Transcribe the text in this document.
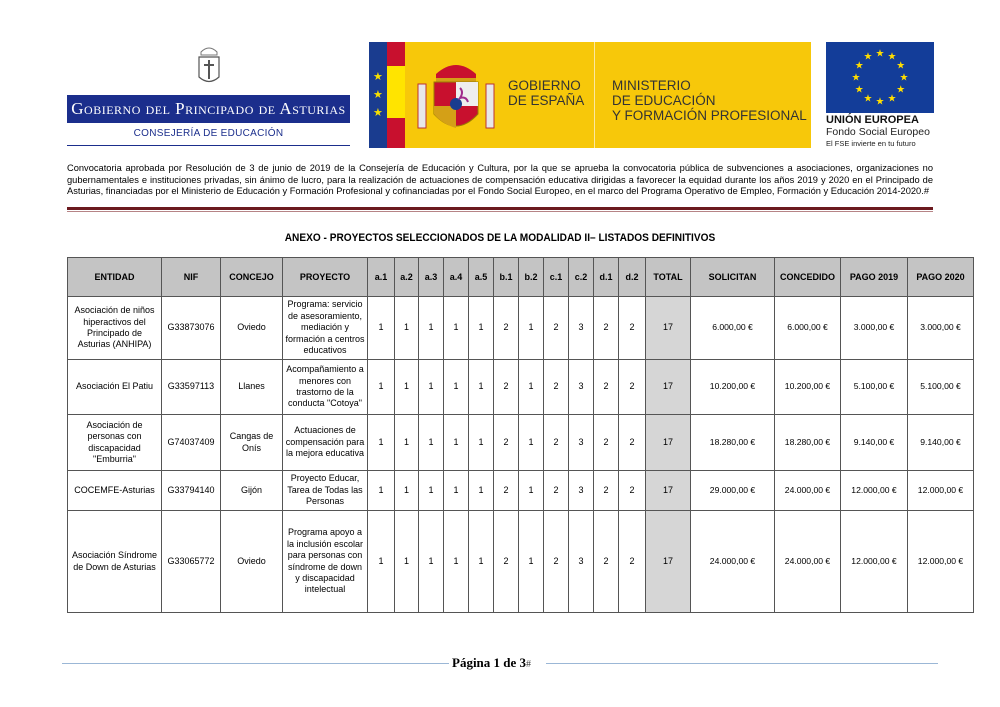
Gobierno del Principado de Asturias
CONSEJERÍA DE EDUCACIÓN
★
★
★
GOBIERNO
DE ESPAÑA
MINISTERIO
DE EDUCACIÓN
Y FORMACIÓN PROFESIONAL
★ ★
★
★
★
★
★
★
★
★
★
★
UNIÓN EUROPEA
Fondo Social Europeo
El FSE invierte en tu futuro
Convocatoria aprobada por Resolución de 3 de junio de 2019 de la Consejería de Educación y Cultura, por la que se aprueba la convocatoria pública de subvenciones a asociaciones, organizaciones no gubernamentales e instituciones privadas, sin ánimo de lucro, para la realización de actuaciones de compensación educativa dirigidas a favorecer la equidad durante los años 2019 y 2020 en el Principado de Asturias, financiadas por el Ministerio de Educación y Formación Profesional y cofinanciadas por el Fondo Social Europeo, en el marco del Programa Operativo de Empleo, Formación y Educación 2014-2020.#
ANEXO - PROYECTOS SELECCIONADOS DE LA MODALIDAD II– LISTADOS DEFINITIVOS
ENTIDAD	NIF	CONCEJO	PROYECTO	a.1	a.2	a.3	a.4	a.5	b.1	b.2	c.1	c.2	d.1	d.2	TOTAL	SOLICITAN	CONCEDIDO	PAGO 2019	PAGO 2020
Asociación de niños hiperactivos del Principado de Asturias (ANHIPA)	G33873076	Oviedo	Programa: servicio de asesoramiento, mediación y formación a centros educativos	1	1	1	1	1	2	1	2	3	2	2	17	6.000,00 €	6.000,00 €	3.000,00 €	3.000,00 €
Asociación El Patiu	G33597113	Llanes	Acompañamiento a menores con trastorno de la conducta "Cotoya"	1	1	1	1	1	2	1	2	3	2	2	17	10.200,00 €	10.200,00 €	5.100,00 €	5.100,00 €
Asociación de personas con discapacidad "Emburria"	G74037409	Cangas de Onís	Actuaciones de compensación para la mejora educativa	1	1	1	1	1	2	1	2	3	2	2	17	18.280,00 €	18.280,00 €	9.140,00 €	9.140,00 €
COCEMFE-Asturias	G33794140	Gijón	Proyecto Educar, Tarea de Todas las Personas	1	1	1	1	1	2	1	2	3	2	2	17	29.000,00 €	24.000,00 €	12.000,00 €	12.000,00 €
Asociación Síndrome de Down de Asturias	G33065772	Oviedo	Programa apoyo a la inclusión escolar para personas con síndrome de down y discapacidad intelectual	1	1	1	1	1	2	1	2	3	2	2	17	24.000,00 €	24.000,00 €	12.000,00 €	12.000,00 €
Página 1 de 3#
